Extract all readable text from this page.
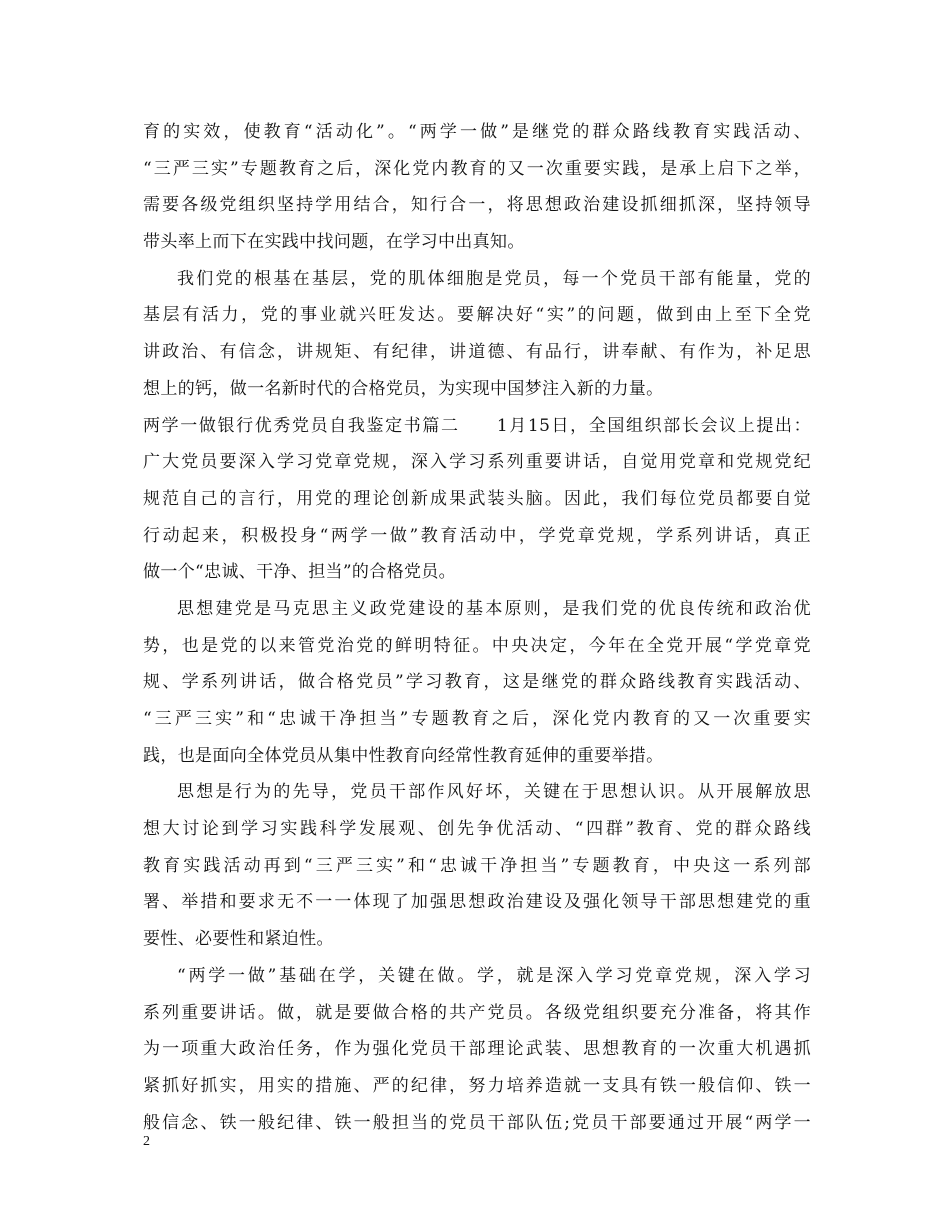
育的实效，使教育“活动化”。“两学一做”是继党的群众路线教育实践活动、
“三严三实”专题教育之后，深化党内教育的又一次重要实践，是承上启下之举，
需要各级党组织坚持学用结合，知行合一，将思想政治建设抓细抓深，坚持领导
带头率上而下在实践中找问题，在学习中出真知。
我们党的根基在基层，党的肌体细胞是党员，每一个党员干部有能量，党的
基层有活力，党的事业就兴旺发达。要解决好“实”的问题，做到由上至下全党
讲政治、有信念，讲规矩、有纪律，讲道德、有品行，讲奉献、有作为，补足思
想上的钙，做一名新时代的合格党员，为实现中国梦注入新的力量。
两学一做银行优秀党员自我鉴定书篇二　　1月15日，全国组织部长会议上提出：
广大党员要深入学习党章党规，深入学习系列重要讲话，自觉用党章和党规党纪
规范自己的言行，用党的理论创新成果武装头脑。因此，我们每位党员都要自觉
行动起来，积极投身“两学一做”教育活动中，学党章党规，学系列讲话，真正
做一个“忠诚、干净、担当”的合格党员。
思想建党是马克思主义政党建设的基本原则，是我们党的优良传统和政治优
势，也是党的以来管党治党的鲜明特征。中央决定，今年在全党开展“学党章党
规、学系列讲话，做合格党员”学习教育，这是继党的群众路线教育实践活动、
“三严三实”和“忠诚干净担当”专题教育之后，深化党内教育的又一次重要实
践，也是面向全体党员从集中性教育向经常性教育延伸的重要举措。
思想是行为的先导，党员干部作风好坏，关键在于思想认识。从开展解放思
想大讨论到学习实践科学发展观、创先争优活动、“四群”教育、党的群众路线
教育实践活动再到“三严三实”和“忠诚干净担当”专题教育，中央这一系列部
署、举措和要求无不一一体现了加强思想政治建设及强化领导干部思想建党的重
要性、必要性和紧迫性。
“两学一做”基础在学，关键在做。学，就是深入学习党章党规，深入学习
系列重要讲话。做，就是要做合格的共产党员。各级党组织要充分准备，将其作
为一项重大政治任务，作为强化党员干部理论武装、思想教育的一次重大机遇抓
紧抓好抓实，用实的措施、严的纪律，努力培养造就一支具有铁一般信仰、铁一
般信念、铁一般纪律、铁一般担当的党员干部队伍;党员干部要通过开展“两学一
2
